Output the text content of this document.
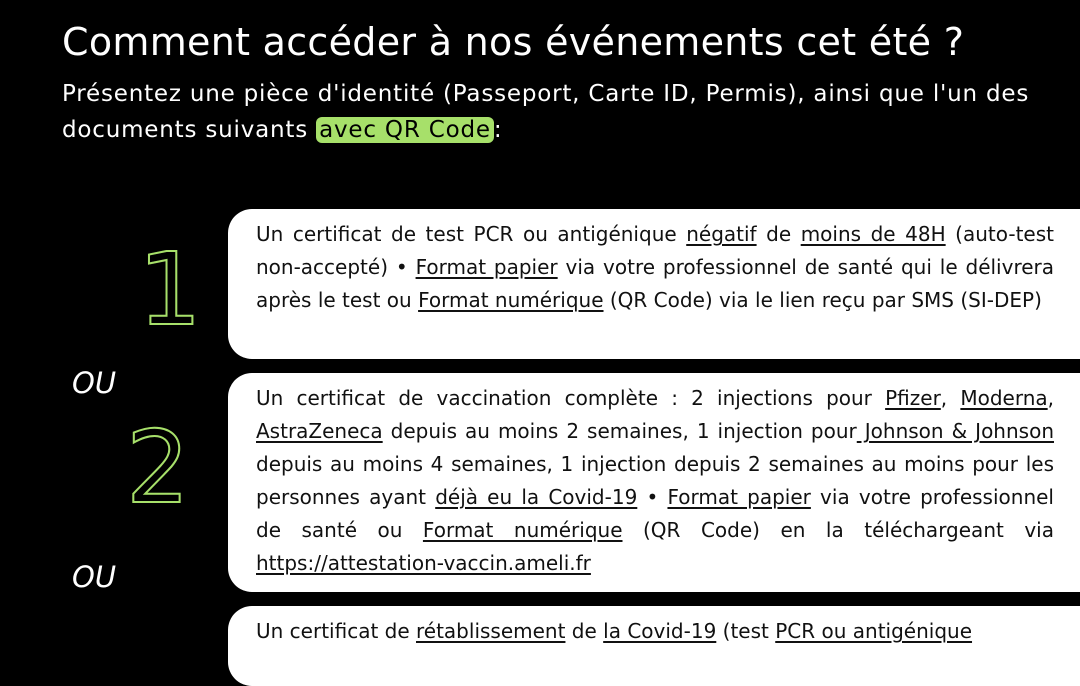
Comment accéder à nos événements cet été ?
Présentez une pièce d'identité (Passeport, Carte ID, Permis), ainsi que l'un des documents suivants avec QR Code :
1
2
OU
OU

Un certificat de test PCR ou antigénique négatif de moins de 48H (auto-test non-accepté) • Format papier via votre professionnel de santé qui le délivrera après le test ou Format numérique (QR Code) via le lien reçu par SMS (SI-DEP)

Un certificat de vaccination complète : 2 injections pour Pfizer, Moderna, AstraZeneca depuis au moins 2 semaines, 1 injection pour Johnson & Johnson depuis au moins 4 semaines, 1 injection depuis 2 semaines au moins pour les personnes ayant déjà eu la Covid-19 • Format papier via votre professionnel de santé ou Format numérique (QR Code) en la téléchargeant via https://attestation-vaccin.ameli.fr

Un certificat de rétablissement de la Covid-19 (test PCR ou antigénique
